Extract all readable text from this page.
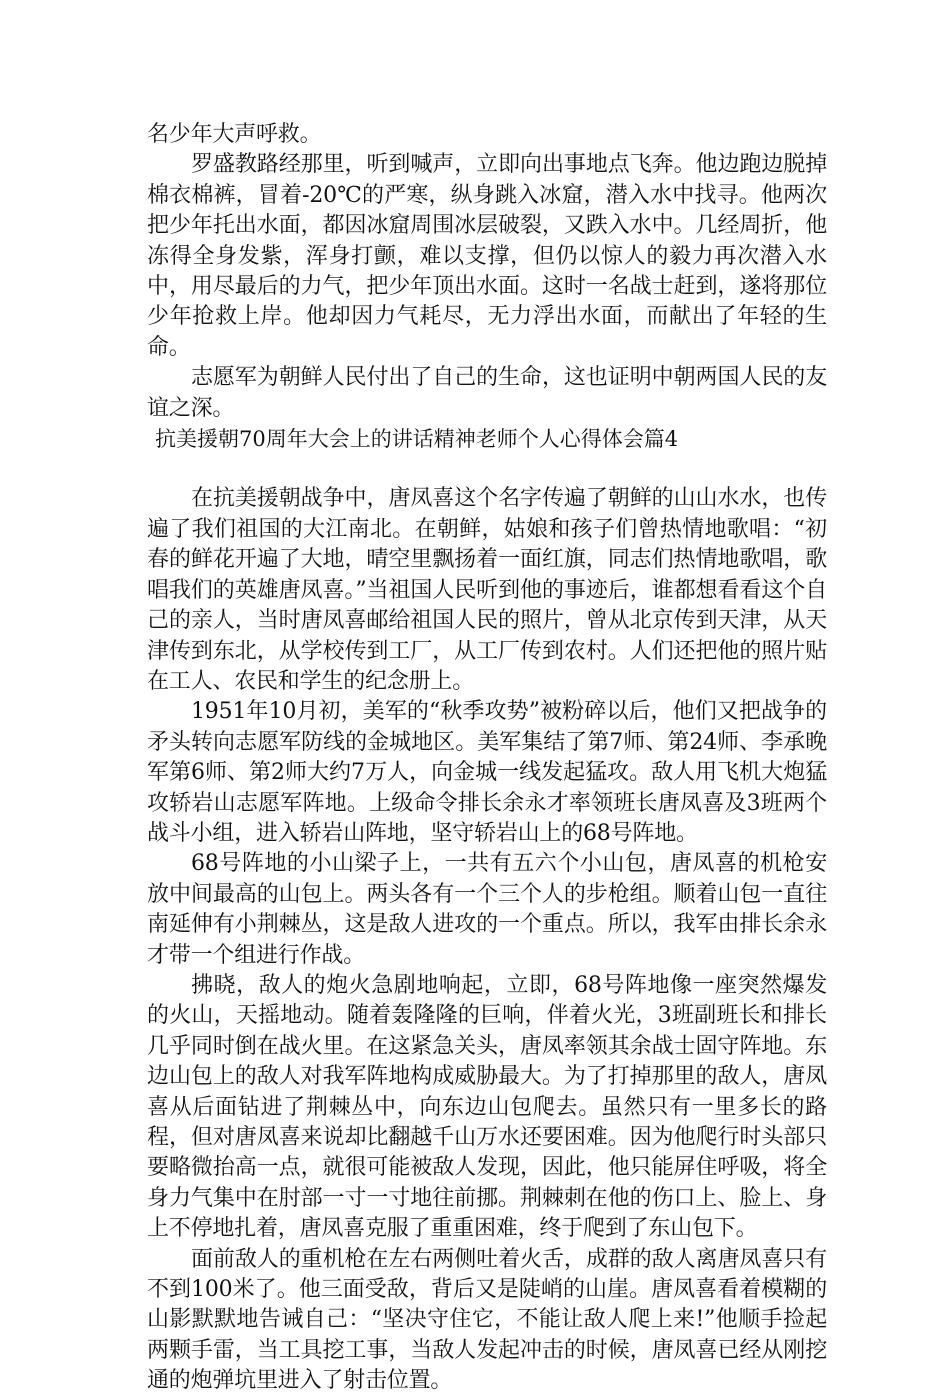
名少年大声呼救。

罗盛教路经那里，听到喊声，立即向出事地点飞奔。他边跑边脱掉棉衣棉裤，冒着-20℃的严寒，纵身跳入冰窟，潜入水中找寻。他两次把少年托出水面，都因冰窟周围冰层破裂，又跌入水中。几经周折，他冻得全身发紫，浑身打颤，难以支撑，但仍以惊人的毅力再次潜入水中，用尽最后的力气，把少年顶出水面。这时一名战士赶到，遂将那位少年抢救上岸。他却因力气耗尽，无力浮出水面，而献出了年轻的生命。

志愿军为朝鲜人民付出了自己的生命，这也证明中朝两国人民的友谊之深。

抗美援朝70周年大会上的讲话精神老师个人心得体会篇4

在抗美援朝战争中，唐凤喜这个名字传遍了朝鲜的山山水水，也传遍了我们祖国的大江南北。在朝鲜，姑娘和孩子们曾热情地歌唱：“初春的鲜花开遍了大地，晴空里飘扬着一面红旗，同志们热情地歌唱，歌唱我们的英雄唐凤喜。”当祖国人民听到他的事迹后，谁都想看看这个自己的亲人，当时唐凤喜邮给祖国人民的照片，曾从北京传到天津，从天津传到东北，从学校传到工厂，从工厂传到农村。人们还把他的照片贴在工人、农民和学生的纪念册上。

1951年10月初，美军的“秋季攻势”被粉碎以后，他们又把战争的矛头转向志愿军防线的金城地区。美军集结了第7师、第24师、李承晚军第6师、第2师大约7万人，向金城一线发起猛攻。敌人用飞机大炮猛攻轿岩山志愿军阵地。上级命令排长余永才率领班长唐凤喜及3班两个战斗小组，进入轿岩山阵地，坚守轿岩山上的68号阵地。

68号阵地的小山梁子上，一共有五六个小山包，唐凤喜的机枪安放中间最高的山包上。两头各有一个三个人的步枪组。顺着山包一直往南延伸有小荆棘丛，这是敌人进攻的一个重点。所以，我军由排长余永才带一个组进行作战。

拂晓，敌人的炮火急剧地响起，立即，68号阵地像一座突然爆发的火山，天摇地动。随着轰隆隆的巨响，伴着火光，3班副班长和排长几乎同时倒在战火里。在这紧急关头，唐凤率领其余战士固守阵地。东边山包上的敌人对我军阵地构成威胁最大。为了打掉那里的敌人，唐凤喜从后面钻进了荆棘丛中，向东边山包爬去。虽然只有一里多长的路程，但对唐凤喜来说却比翻越千山万水还要困难。因为他爬行时头部只要略微抬高一点，就很可能被敌人发现，因此，他只能屏住呼吸，将全身力气集中在肘部一寸一寸地往前挪。荆棘刺在他的伤口上、脸上、身上不停地扎着，唐凤喜克服了重重困难，终于爬到了东山包下。

面前敌人的重机枪在左右两侧吐着火舌，成群的敌人离唐凤喜只有不到100米了。他三面受敌，背后又是陡峭的山崖。唐凤喜看着模糊的山影默默地告诫自己：“坚决守住它，不能让敌人爬上来!”他顺手捡起两颗手雷，当工具挖工事，当敌人发起冲击的时候，唐凤喜已经从刚挖通的炮弹坑里进入了射击位置。
